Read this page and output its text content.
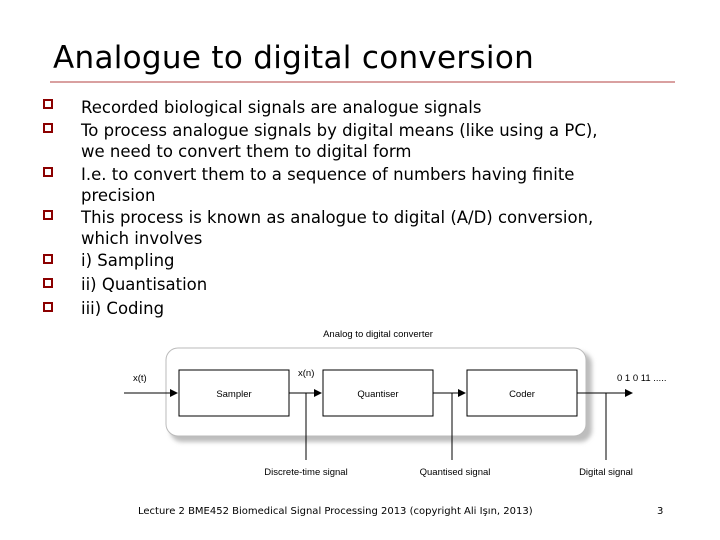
Analogue to digital conversion
Recorded biological signals are analogue signals
To process analogue signals by digital means (like using a PC),
we need to convert them to digital form
I.e. to convert them to a sequence of numbers having finite
precision
This process is known as analogue to digital (A/D) conversion,
which involves
i) Sampling
ii) Quantisation
iii) Coding
Analog to digital converter
Sampler	Quantiser	Coder
x(t)	x(n)	0 1 0 11 .....
Discrete-time signal	Quantised signal	Digital signal
Lecture 2 BME452 Biomedical Signal Processing 2013 (copyright Ali Işın, 2013)	3
